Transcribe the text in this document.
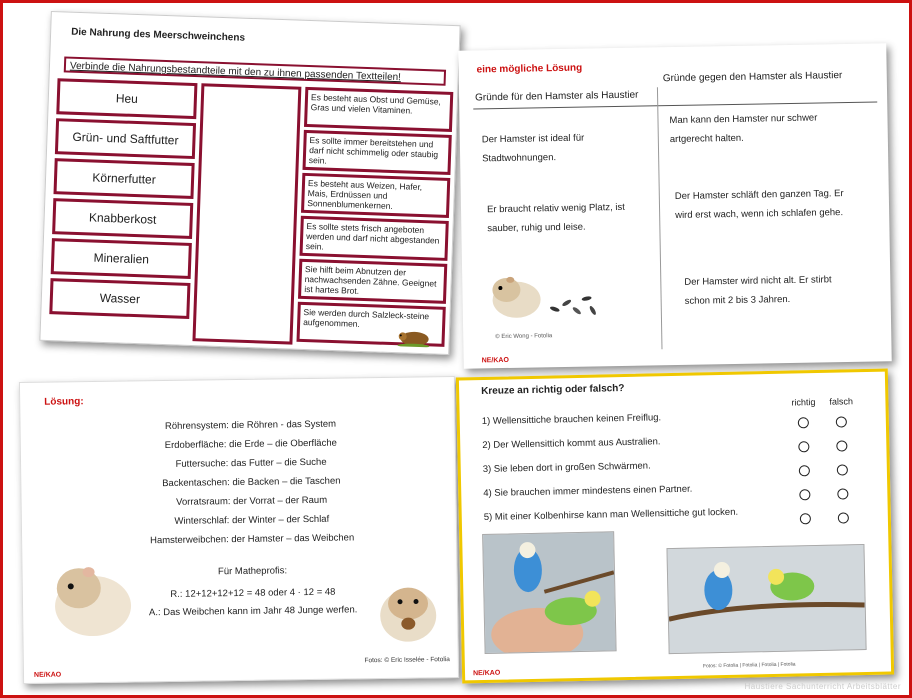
Die Nahrung des Meerschweinchens
Verbinde die Nahrungsbestandteile mit den zu ihnen passenden Textteilen!
Heu
Grün- und Saftfutter
Körnerfutter
Knabberkost
Mineralien
Wasser
Es besteht aus Obst und Gemüse, Gras und vielen Vitaminen.
Es sollte immer bereitstehen und darf nicht schimmelig oder staubig sein.
Es besteht aus Weizen, Hafer, Mais, Erdnüssen und Sonnenblumenkernen.
Es sollte stets frisch angeboten werden und darf nicht abgestanden sein.
Sie hilft beim Abnutzen der nachwachsenden Zähne. Geeignet ist hartes Brot.
Sie werden durch Salzleck-steine aufgenommen.
eine mögliche Lösung
Gründe für den Hamster als Haustier
Gründe gegen den Hamster als Haustier
Der Hamster ist ideal für Stadtwohnungen.
Er braucht relativ wenig Platz, ist sauber, ruhig und leise.
Man kann den Hamster nur schwer artgerecht halten.
Der Hamster schläft den ganzen Tag. Er wird erst wach, wenn ich schlafen gehe.
Der Hamster wird nicht alt. Er stirbt schon mit 2 bis 3 Jahren.
© Eric Wong - Fotolia
NE/KAO
Lösung:
Röhrensystem: die Röhren - das System
Erdoberfläche: die Erde – die Oberfläche
Futtersuche: das Futter – die Suche
Backentaschen: die Backen – die Taschen
Vorratsraum: der Vorrat – der Raum
Winterschlaf: der Winter – der Schlaf
Hamsterweibchen: der Hamster – das Weibchen
Für Matheprofis:
R.: 12+12+12+12 = 48 oder 4 · 12 = 48
A.: Das Weibchen kann im Jahr 48 Junge werfen.
Fotos: © Eric Isselée - Fotolia
NE/KAO
Kreuze an richtig oder falsch?
richtig falsch
1) Wellensittiche brauchen keinen Freiflug.
2) Der Wellensittich kommt aus Australien.
3) Sie leben dort in großen Schwärmen.
4) Sie brauchen immer mindestens einen Partner.
5) Mit einer Kolbenhirse kann man Wellensittiche gut locken.
Fotos: © Fotolia | Fotolia | Fotolia | Fotolia
NE/KAO
Haustiere Sachunterricht Arbeitsblätter
